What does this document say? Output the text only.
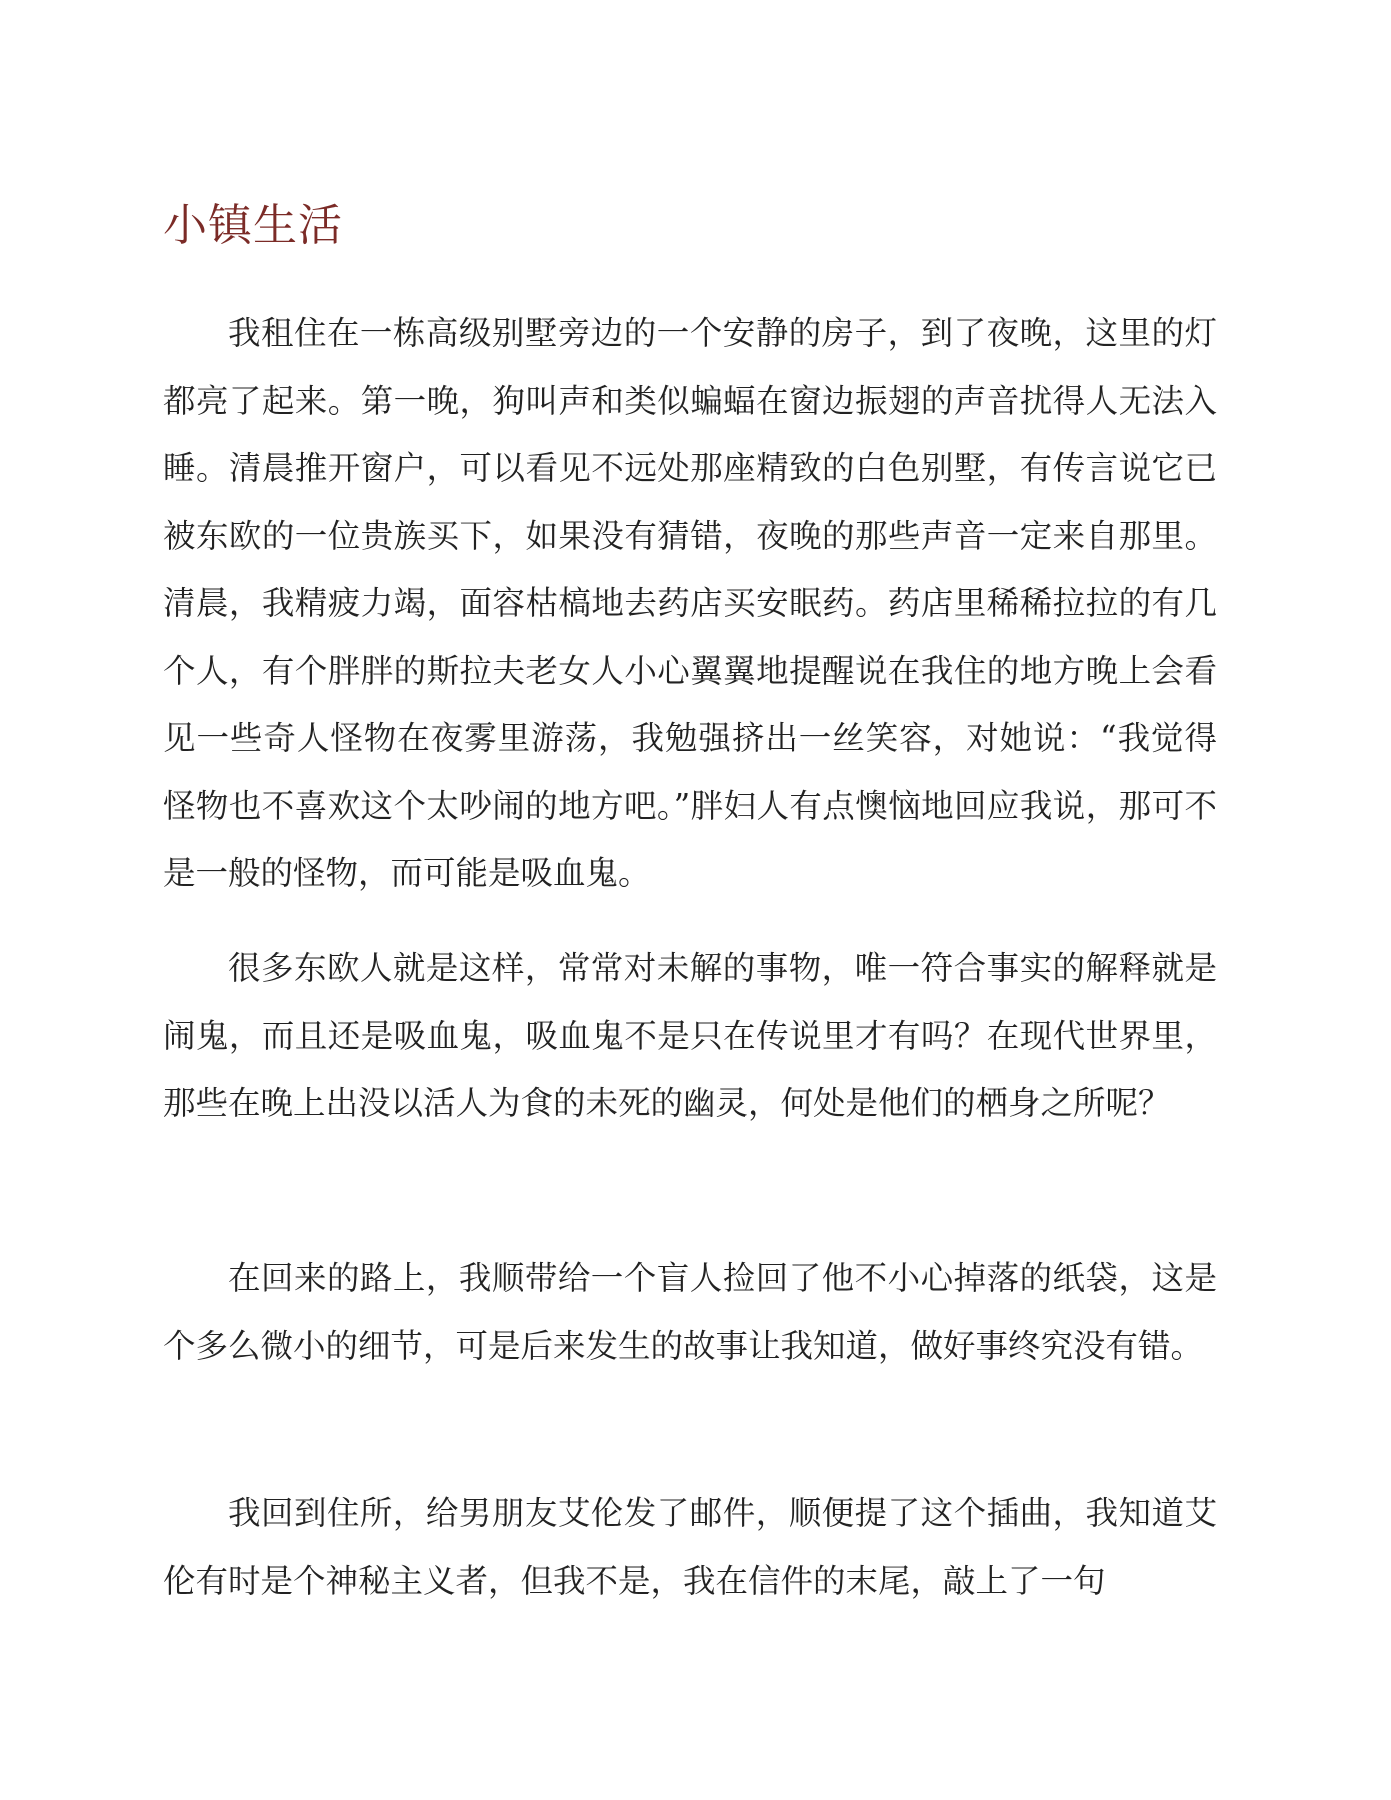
小镇生活

我租住在一栋高级别墅旁边的一个安静的房子，到了夜晚，这里的灯都亮了起来。第一晚，狗叫声和类似蝙蝠在窗边振翅的声音扰得人无法入睡。清晨推开窗户，可以看见不远处那座精致的白色别墅，有传言说它已被东欧的一位贵族买下，如果没有猜错，夜晚的那些声音一定来自那里。清晨，我精疲力竭，面容枯槁地去药店买安眠药。药店里稀稀拉拉的有几个人，有个胖胖的斯拉夫老女人小心翼翼地提醒说在我住的地方晚上会看见一些奇人怪物在夜雾里游荡，我勉强挤出一丝笑容，对她说：“我觉得怪物也不喜欢这个太吵闹的地方吧。”胖妇人有点懊恼地回应我说，那可不是一般的怪物，而可能是吸血鬼。

很多东欧人就是这样，常常对未解的事物，唯一符合事实的解释就是闹鬼，而且还是吸血鬼，吸血鬼不是只在传说里才有吗？在现代世界里，那些在晚上出没以活人为食的未死的幽灵，何处是他们的栖身之所呢？

在回来的路上，我顺带给一个盲人捡回了他不小心掉落的纸袋，这是个多么微小的细节，可是后来发生的故事让我知道，做好事终究没有错。

我回到住所，给男朋友艾伦发了邮件，顺便提了这个插曲，我知道艾伦有时是个神秘主义者，但我不是，我在信件的末尾，敲上了一句
